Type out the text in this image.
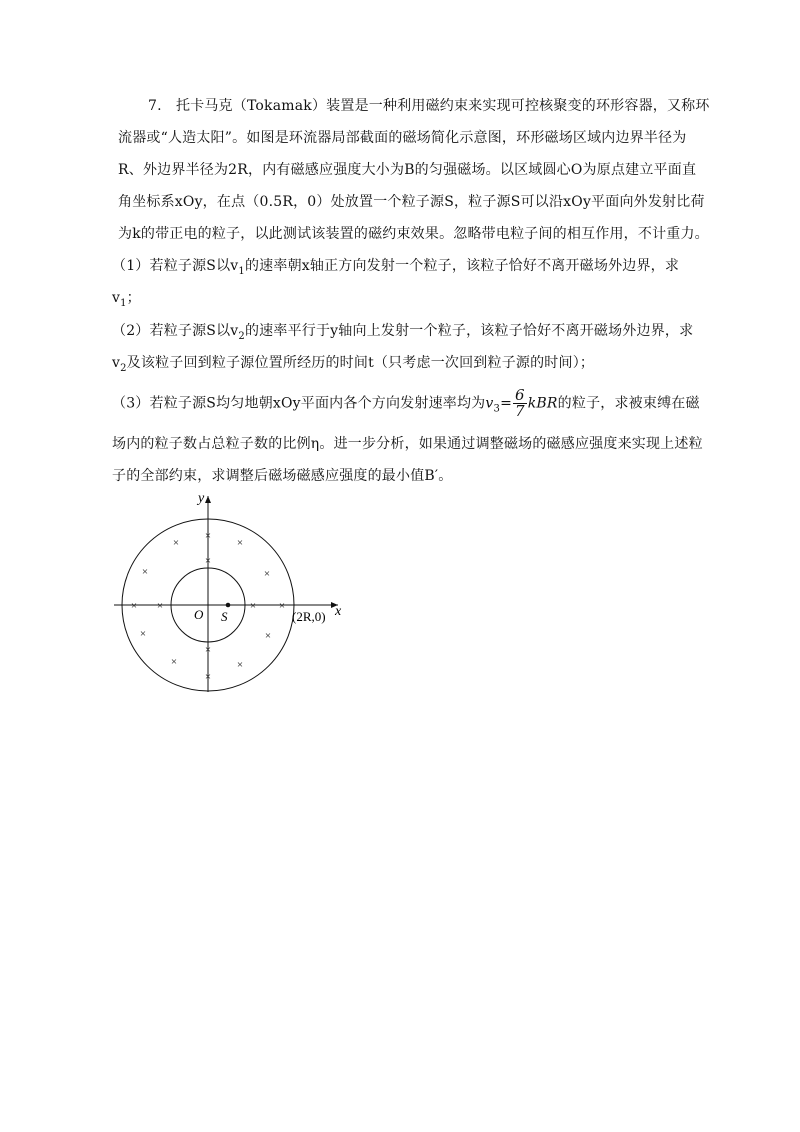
7.　托卡马克（Tokamak）装置是一种利用磁约束来实现可控核聚变的环形容器，又称环
流器或“人造太阳”。如图是环流器局部截面的磁场简化示意图，环形磁场区域内边界半径为
R、外边界半径为2R，内有磁感应强度大小为B的匀强磁场。以区域圆心O为原点建立平面直
角坐标系xOy，在点（0.5R，0）处放置一个粒子源S，粒子源S可以沿xOy平面向外发射比荷
为k的带正电的粒子，以此测试该装置的磁约束效果。忽略带电粒子间的相互作用，不计重力。
（1）若粒子源S以$v_1$的速率朝x轴正方向发射一个粒子，该粒子恰好不离开磁场外边界，求
$v_1$；
（2）若粒子源S以$v_2$的速率平行于y轴向上发射一个粒子，该粒子恰好不离开磁场外边界，求
$v_2$及该粒子回到粒子源位置所经历的时间t（只考虑一次回到粒子源的时间）；
（3）若粒子源S均匀地朝xOy平面内各个方向发射速率均为$v_3= \frac{6}{7}$ kBR的粒子，求被束缚在磁
场内的粒子数占总粒子数的比例η。进一步分析，如果通过调整磁场的磁感应强度来实现上述粒
子的全部约束，求调整后磁场磁感应强度的最小值B′。
×
×
×
×
×
×
× ×	× ×
×
×
×
×	×
×
y
x
O S	(2R,0)
